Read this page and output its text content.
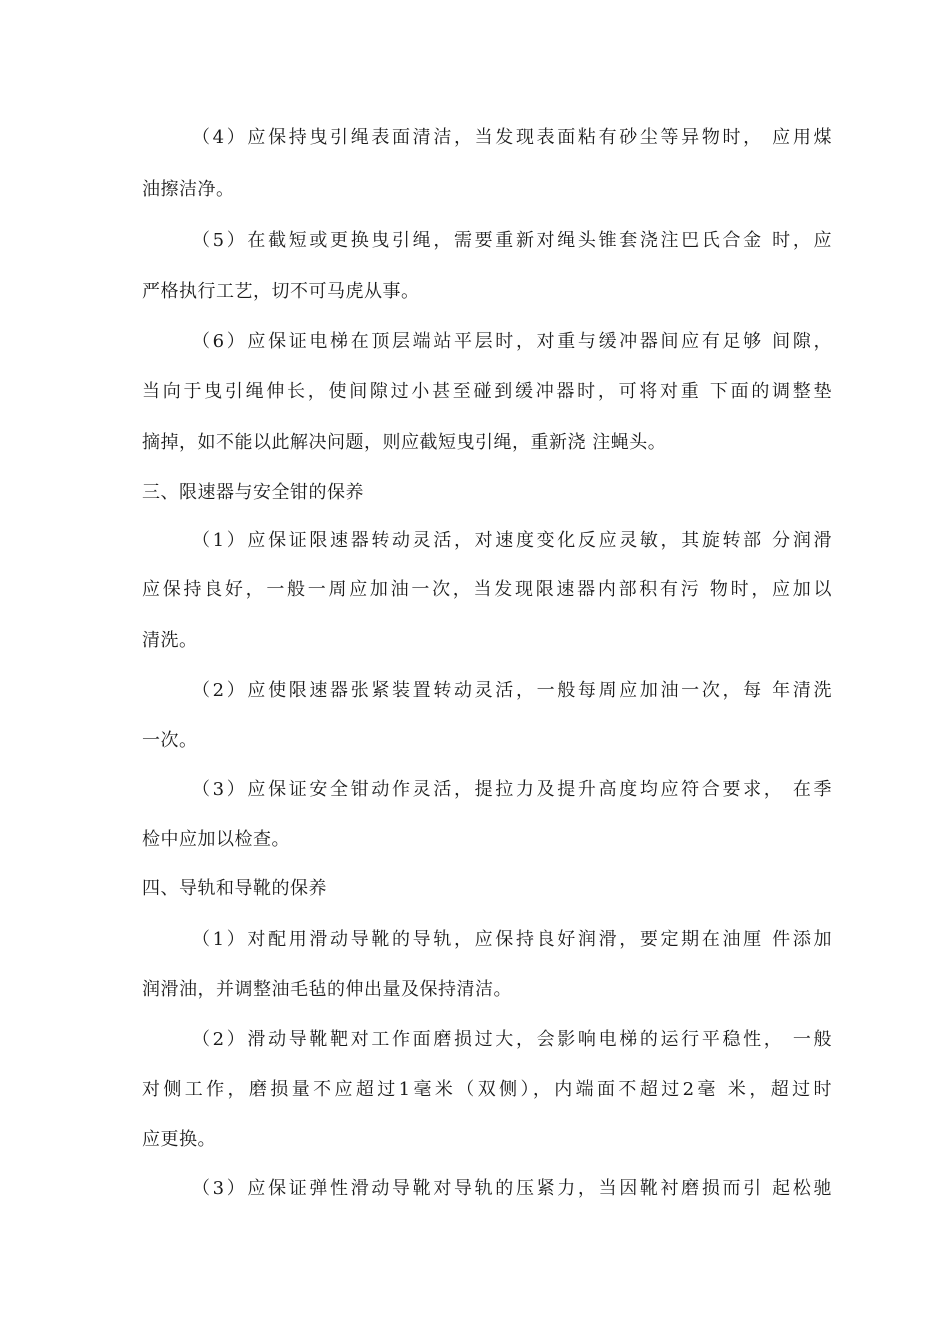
（4）应保持曳引绳表面清洁，当发现表面粘有砂尘等异物时， 应用煤
油擦洁净。
（5）在截短或更换曳引绳，需要重新对绳头锥套浇注巴氏合金 时，应
严格执行工艺，切不可马虎从事。
（6）应保证电梯在顶层端站平层时，对重与缓冲器间应有足够 间隙，
当向于曳引绳伸长，使间隙过小甚至碰到缓冲器时，可将对重 下面的调整垫
摘掉，如不能以此解决问题，则应截短曳引绳，重新浇 注蝇头。
三、限速器与安全钳的保养
（1）应保证限速器转动灵活，对速度变化反应灵敏，其旋转部 分润滑
应保持良好，一般一周应加油一次，当发现限速器内部积有污 物时，应加以
清洗。
（2）应使限速器张紧装置转动灵活，一般每周应加油一次，每 年清洗
一次。
（3）应保证安全钳动作灵活，提拉力及提升高度均应符合要求， 在季
检中应加以检查。
四、导轨和导靴的保养
（1）对配用滑动导靴的导轨，应保持良好润滑，要定期在油厘 件添加
润滑油，并调整油毛毡的伸出量及保持清洁。
（2）滑动导靴靶对工作面磨损过大，会影响电梯的运行平稳性， 一般
对侧工作，磨损量不应超过1毫米（双侧），内端面不超过2毫 米，超过时
应更换。
（3）应保证弹性滑动导靴对导轨的压紧力，当因靴衬磨损而引 起松驰
